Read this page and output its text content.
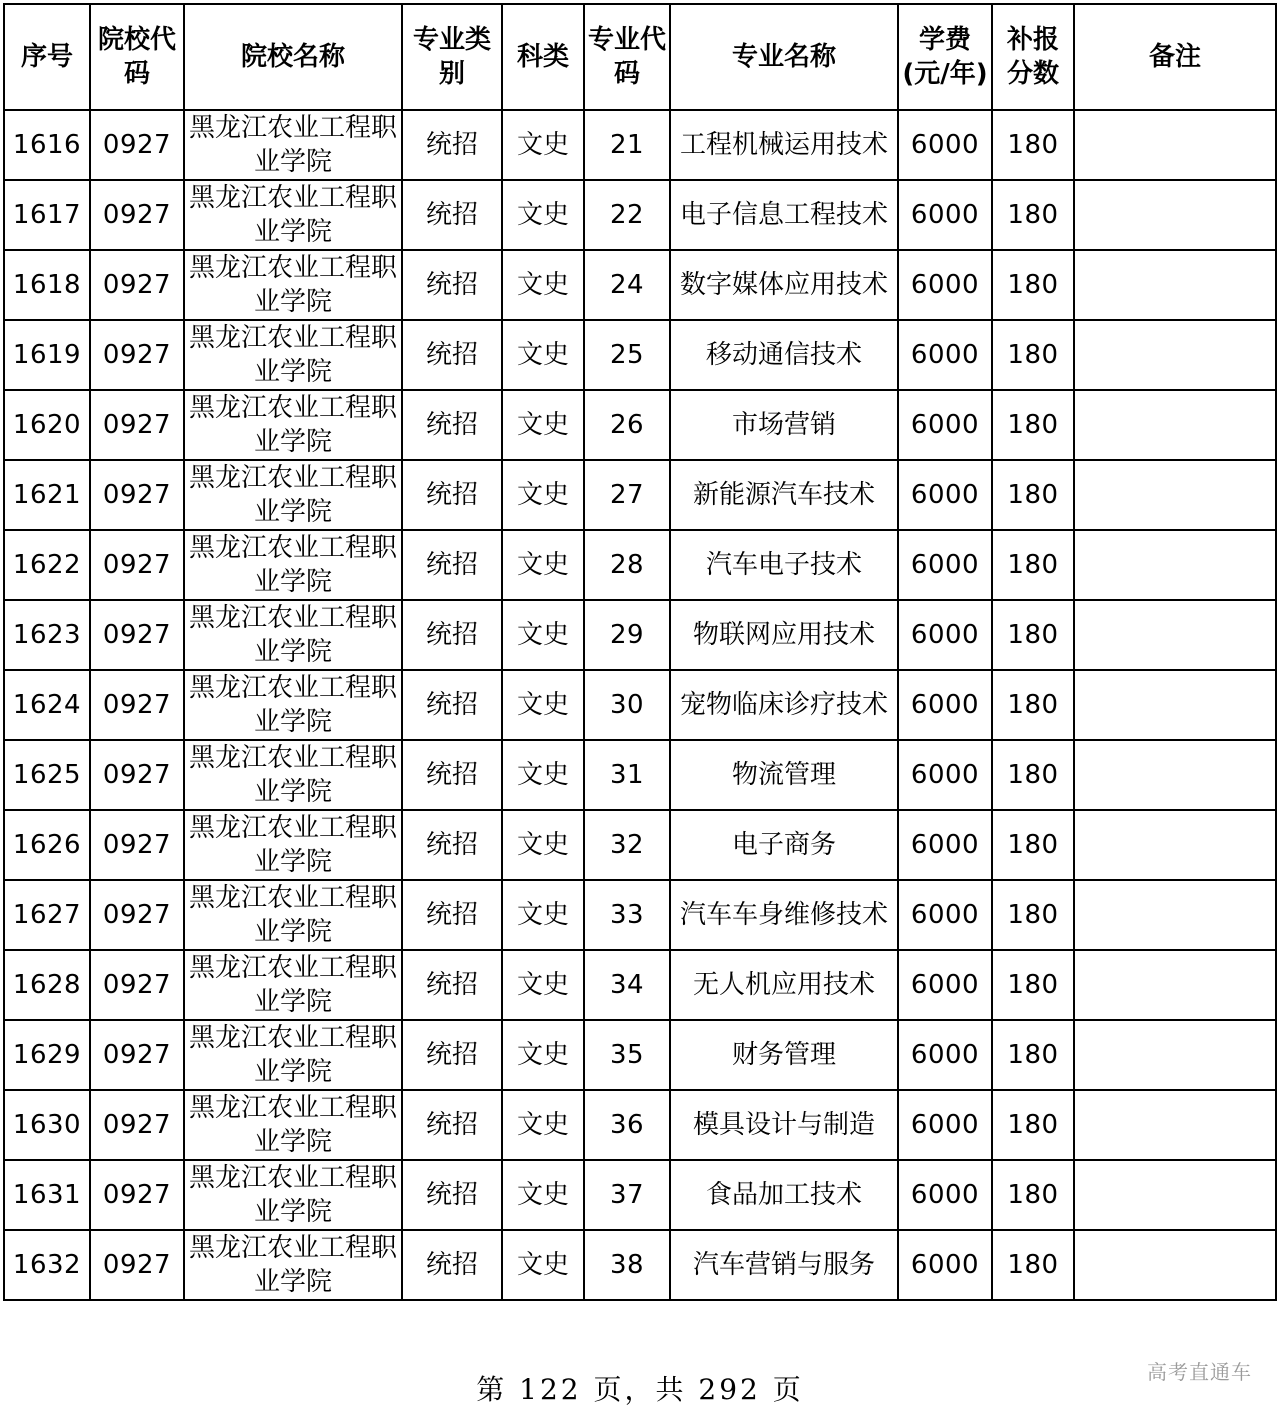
序号	院校代码	院校名称	专业类别	科类	专业代码	专业名称	学费(元/年)	补报分数	备注
1616	0927	黑龙江农业工程职业学院	统招	文史	21	工程机械运用技术	6000	180	
1617	0927	黑龙江农业工程职业学院	统招	文史	22	电子信息工程技术	6000	180	
1618	0927	黑龙江农业工程职业学院	统招	文史	24	数字媒体应用技术	6000	180	
1619	0927	黑龙江农业工程职业学院	统招	文史	25	移动通信技术	6000	180	
1620	0927	黑龙江农业工程职业学院	统招	文史	26	市场营销	6000	180	
1621	0927	黑龙江农业工程职业学院	统招	文史	27	新能源汽车技术	6000	180	
1622	0927	黑龙江农业工程职业学院	统招	文史	28	汽车电子技术	6000	180	
1623	0927	黑龙江农业工程职业学院	统招	文史	29	物联网应用技术	6000	180	
1624	0927	黑龙江农业工程职业学院	统招	文史	30	宠物临床诊疗技术	6000	180	
1625	0927	黑龙江农业工程职业学院	统招	文史	31	物流管理	6000	180	
1626	0927	黑龙江农业工程职业学院	统招	文史	32	电子商务	6000	180	
1627	0927	黑龙江农业工程职业学院	统招	文史	33	汽车车身维修技术	6000	180	
1628	0927	黑龙江农业工程职业学院	统招	文史	34	无人机应用技术	6000	180	
1629	0927	黑龙江农业工程职业学院	统招	文史	35	财务管理	6000	180	
1630	0927	黑龙江农业工程职业学院	统招	文史	36	模具设计与制造	6000	180	
1631	0927	黑龙江农业工程职业学院	统招	文史	37	食品加工技术	6000	180	
1632	0927	黑龙江农业工程职业学院	统招	文史	38	汽车营销与服务	6000	180	
第 122 页，共 292 页
高考直通车
